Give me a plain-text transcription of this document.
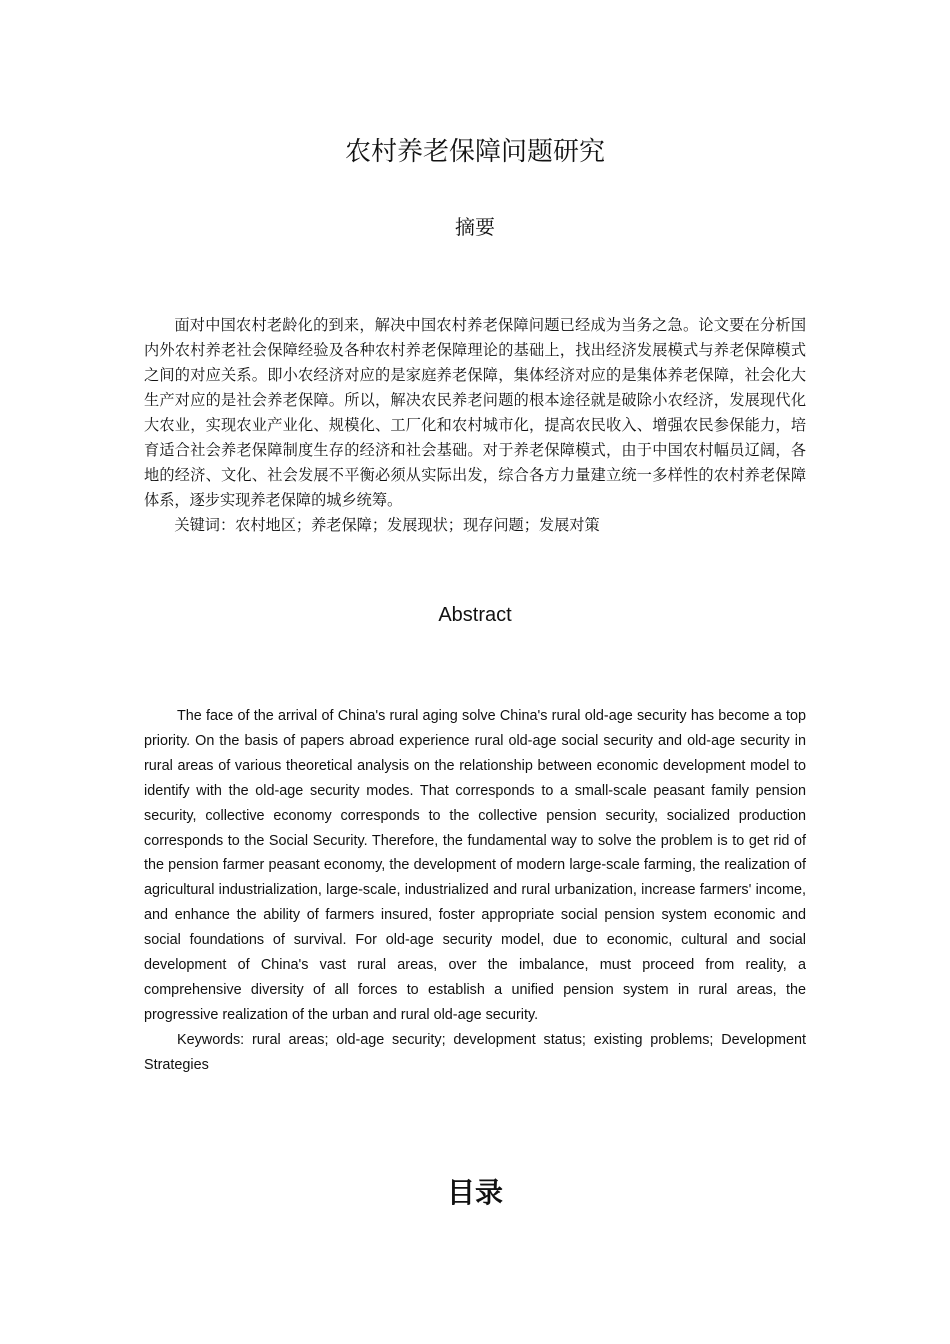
农村养老保障问题研究
摘要

面对中国农村老龄化的到来，解决中国农村养老保障问题已经成为当务之急。论文要在分析国内外农村养老社会保障经验及各种农村养老保障理论的基础上，找出经济发展模式与养老保障模式之间的对应关系。即小农经济对应的是家庭养老保障，集体经济对应的是集体养老保障，社会化大生产对应的是社会养老保障。所以，解决农民养老问题的根本途径就是破除小农经济，发展现代化大农业，实现农业产业化、规模化、工厂化和农村城市化，提高农民收入、增强农民参保能力，培育适合社会养老保障制度生存的经济和社会基础。对于养老保障模式，由于中国农村幅员辽阔，各地的经济、文化、社会发展不平衡必须从实际出发，综合各方力量建立统一多样性的农村养老保障体系，逐步实现养老保障的城乡统筹。

关键词：农村地区；养老保障；发展现状；现存问题；发展对策

Abstract

The face of the arrival of China's rural aging solve China's rural old-age security has become a top priority. On the basis of papers abroad experience rural old-age social security and old-age security in rural areas of various theoretical analysis on the relationship between economic development model to identify with the old-age security modes. That corresponds to a small-scale peasant family pension security, collective economy corresponds to the collective pension security, socialized production corresponds to the Social Security. Therefore, the fundamental way to solve the problem is to get rid of the pension farmer peasant economy, the development of modern large-scale farming, the realization of agricultural industrialization, large-scale, industrialized and rural urbanization, increase farmers' income, and enhance the ability of farmers insured, foster appropriate social pension system economic and social foundations of survival. For old-age security model, due to economic, cultural and social development of China's vast rural areas, over the imbalance, must proceed from reality, a comprehensive diversity of all forces to establish a unified pension system in rural areas, the progressive realization of the urban and rural old-age security.

Keywords: rural areas; old-age security; development status; existing problems; Development Strategies

目录
